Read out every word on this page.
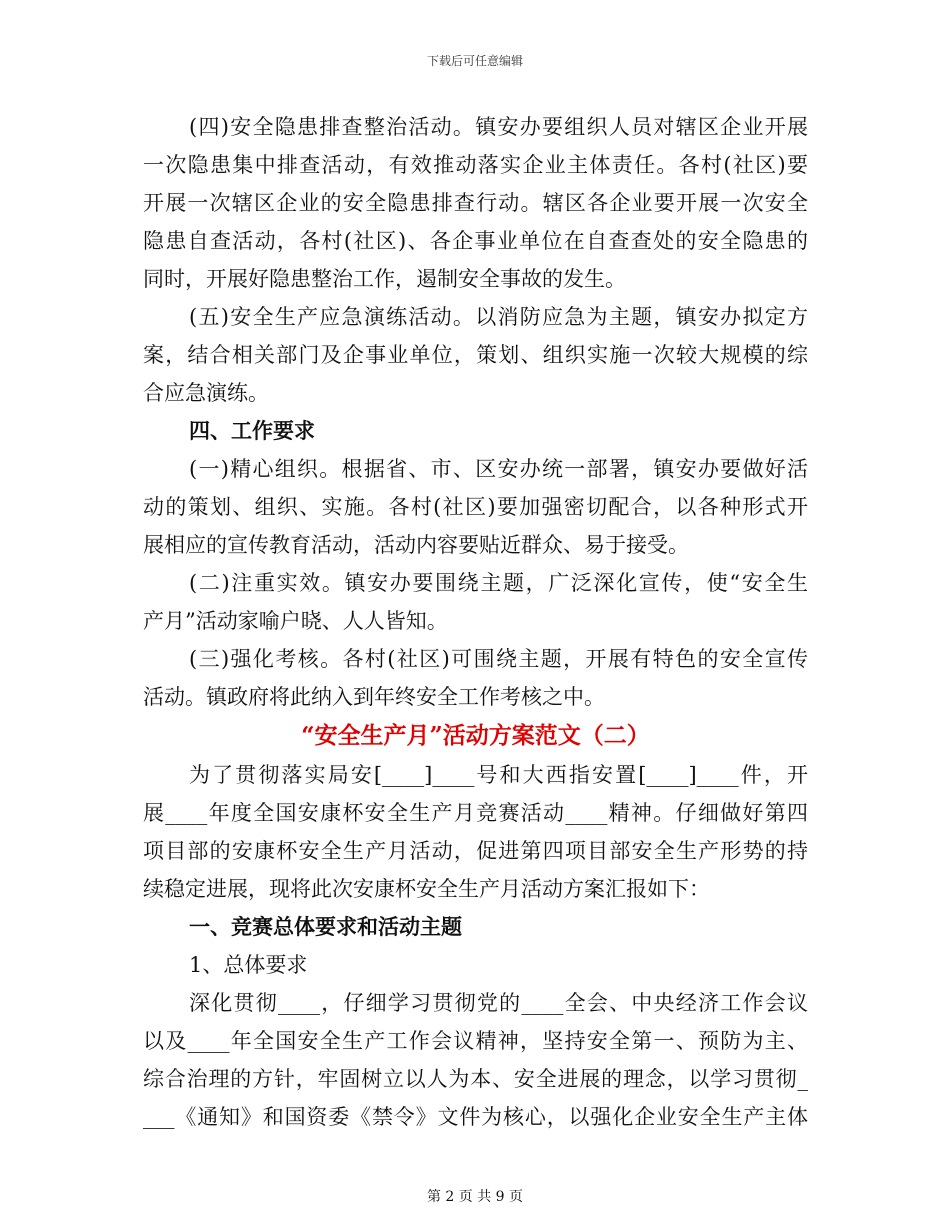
下载后可任意编辑
(四)安全隐患排查整治活动。镇安办要组织人员对辖区企业开展
一次隐患集中排查活动，有效推动落实企业主体责任。各村(社区)要
开展一次辖区企业的安全隐患排查行动。辖区各企业要开展一次安全
隐患自查活动，各村(社区)、各企事业单位在自查查处的安全隐患的
同时，开展好隐患整治工作，遏制安全事故的发生。
(五)安全生产应急演练活动。以消防应急为主题，镇安办拟定方
案，结合相关部门及企事业单位，策划、组织实施一次较大规模的综
合应急演练。
四、工作要求
(一)精心组织。根据省、市、区安办统一部署，镇安办要做好活
动的策划、组织、实施。各村(社区)要加强密切配合，以各种形式开
展相应的宣传教育活动，活动内容要贴近群众、易于接受。
(二)注重实效。镇安办要围绕主题，广泛深化宣传，使“安全生
产月”活动家喻户晓、人人皆知。
(三)强化考核。各村(社区)可围绕主题，开展有特色的安全宣传
活动。镇政府将此纳入到年终安全工作考核之中。
“安全生产月”活动方案范文（二）
为了贯彻落实局安[____]____号和大西指安置[____]____件，开
展____年度全国安康杯安全生产月竞赛活动____精神。仔细做好第四
项目部的安康杯安全生产月活动，促进第四项目部安全生产形势的持
续稳定进展，现将此次安康杯安全生产月活动方案汇报如下：
一、竞赛总体要求和活动主题
1、总体要求
深化贯彻____，仔细学习贯彻党的____全会、中央经济工作会议
以及____年全国安全生产工作会议精神，坚持安全第一、预防为主、
综合治理的方针，牢固树立以人为本、安全进展的理念，以学习贯彻_
___《通知》和国资委《禁令》文件为核心，以强化企业安全生产主体
第 2 页 共 9 页
